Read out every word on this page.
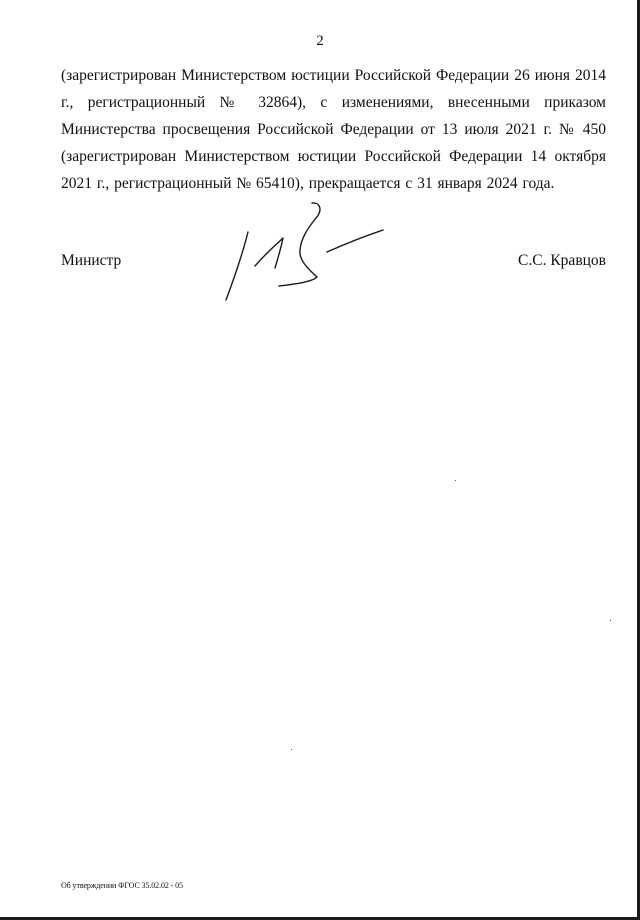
2

(зарегистрирован Министерством юстиции Российской Федерации 26 июня 2014 г., регистрационный № 32864), с изменениями, внесенными приказом Министерства просвещения Российской Федерации от 13 июля 2021 г. № 450 (зарегистрирован Министерством юстиции Российской Федерации 14 октября 2021 г., регистрационный № 65410), прекращается с 31 января 2024 года.

Министр	С.С. Кравцов
Об утверждении ФГОС 35.02.02 - 05
